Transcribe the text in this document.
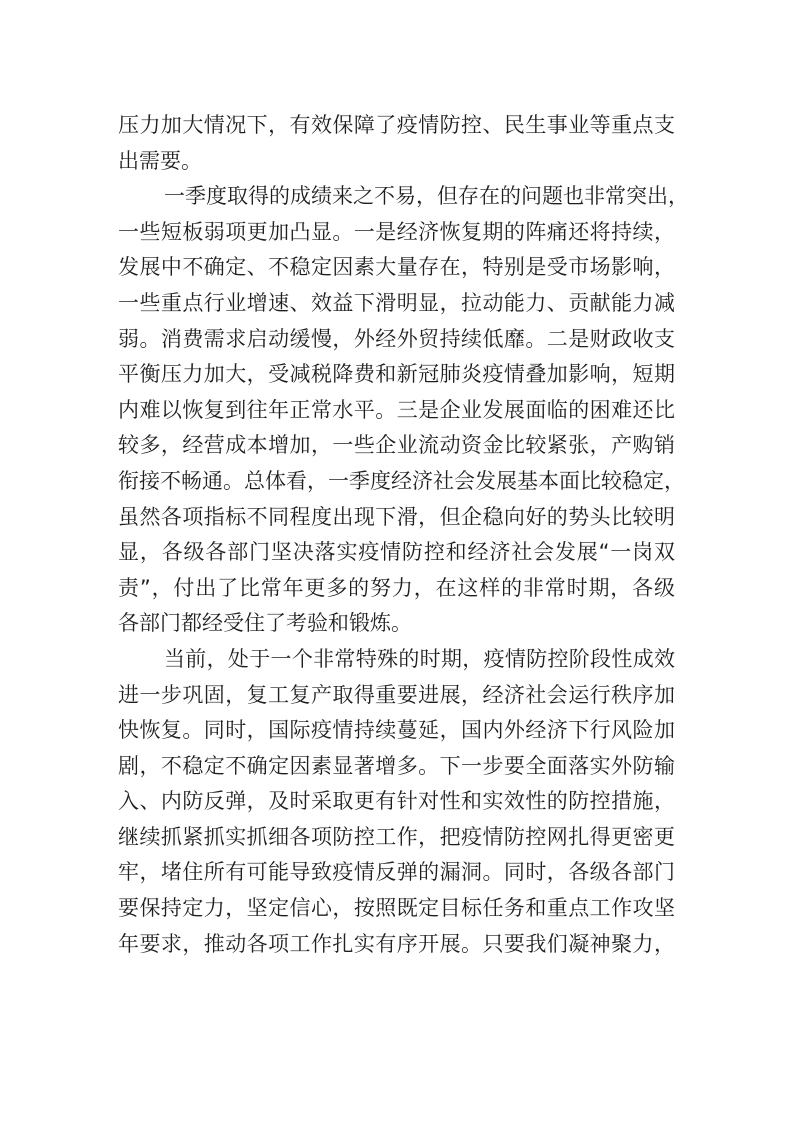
压力加大情况下，有效保障了疫情防控、民生事业等重点支
出需要。
一季度取得的成绩来之不易，但存在的问题也非常突出，
一些短板弱项更加凸显。一是经济恢复期的阵痛还将持续，
发展中不确定、不稳定因素大量存在，特别是受市场影响，
一些重点行业增速、效益下滑明显，拉动能力、贡献能力减
弱。消费需求启动缓慢，外经外贸持续低靡。二是财政收支
平衡压力加大，受减税降费和新冠肺炎疫情叠加影响，短期
内难以恢复到往年正常水平。三是企业发展面临的困难还比
较多，经营成本增加，一些企业流动资金比较紧张，产购销
衔接不畅通。总体看，一季度经济社会发展基本面比较稳定，
虽然各项指标不同程度出现下滑，但企稳向好的势头比较明
显，各级各部门坚决落实疫情防控和经济社会发展“一岗双
责”，付出了比常年更多的努力，在这样的非常时期，各级
各部门都经受住了考验和锻炼。
当前，处于一个非常特殊的时期，疫情防控阶段性成效
进一步巩固，复工复产取得重要进展，经济社会运行秩序加
快恢复。同时，国际疫情持续蔓延，国内外经济下行风险加
剧，不稳定不确定因素显著增多。下一步要全面落实外防输
入、内防反弹，及时采取更有针对性和实效性的防控措施，
继续抓紧抓实抓细各项防控工作，把疫情防控网扎得更密更
牢，堵住所有可能导致疫情反弹的漏洞。同时，各级各部门
要保持定力，坚定信心，按照既定目标任务和重点工作攻坚
年要求，推动各项工作扎实有序开展。只要我们凝神聚力，
